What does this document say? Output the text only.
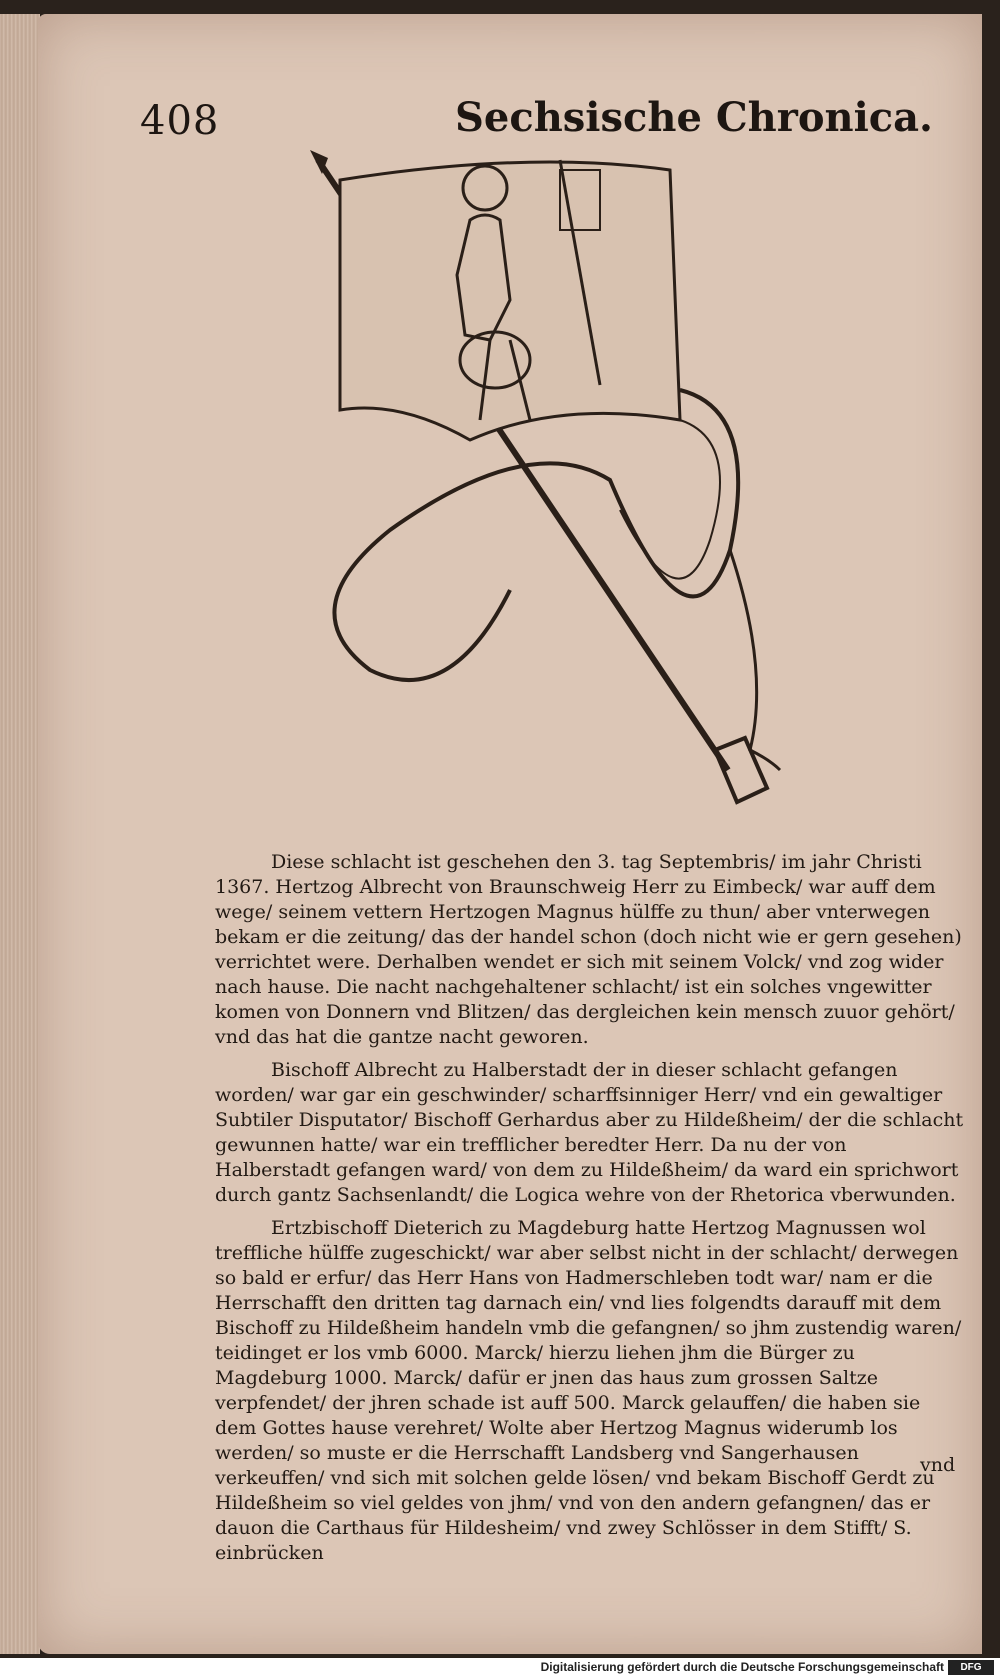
408	Sechsische Chronica.

Diese schlacht ist geschehen den 3. tag Septembris/ im jahr Christi 1367. Hertzog Albrecht von Braunschweig Herr zu Eimbeck/ war auff dem wege/ seinem vettern Hertzogen Magnus hülffe zu thun/ aber vnterwegen bekam er die zeitung/ das der handel schon (doch nicht wie er gern gesehen) verrichtet were. Derhalben wendet er sich mit seinem Volck/ vnd zog wider nach hause. Die nacht nachgehaltener schlacht/ ist ein solches vngewitter komen von Donnern vnd Blitzen/ das dergleichen kein mensch zuuor gehört/ vnd das hat die gantze nacht geworen.

Bischoff Albrecht zu Halberstadt der in dieser schlacht gefangen worden/ war gar ein geschwinder/ scharffsinniger Herr/ vnd ein gewaltiger Subtiler Disputator/ Bischoff Gerhardus aber zu Hildeßheim/ der die schlacht gewunnen hatte/ war ein trefflicher beredter Herr. Da nu der von Halberstadt gefangen ward/ von dem zu Hildeßheim/ da ward ein sprichwort durch gantz Sachsenlandt/ die Logica wehre von der Rhetorica vberwunden.

Ertzbischoff Dieterich zu Magdeburg hatte Hertzog Magnussen wol treffliche hülffe zugeschickt/ war aber selbst nicht in der schlacht/ derwegen so bald er erfur/ das Herr Hans von Hadmerschleben todt war/ nam er die Herrschafft den dritten tag darnach ein/ vnd lies folgendts darauff mit dem Bischoff zu Hildeßheim handeln vmb die gefangnen/ so jhm zustendig waren/ teidinget er los vmb 6000. Marck/ hierzu liehen jhm die Bürger zu Magdeburg 1000. Marck/ dafür er jnen das haus zum grossen Saltze verpfendet/ der jhren schade ist auff 500. Marck gelauffen/ die haben sie dem Gottes hause verehret/ Wolte aber Hertzog Magnus widerumb los werden/ so muste er die Herrschafft Landsberg vnd Sangerhausen verkeuffen/ vnd sich mit solchen gelde lösen/ vnd bekam Bischoff Gerdt zu Hildeßheim so viel geldes von jhm/ vnd von den andern gefangnen/ das er dauon die Carthaus für Hildesheim/ vnd zwey Schlösser in dem Stifft/ S. einbrücken

vnd
Digitalisierung gefördert durch die Deutsche Forschungsgemeinschaft	DFG
